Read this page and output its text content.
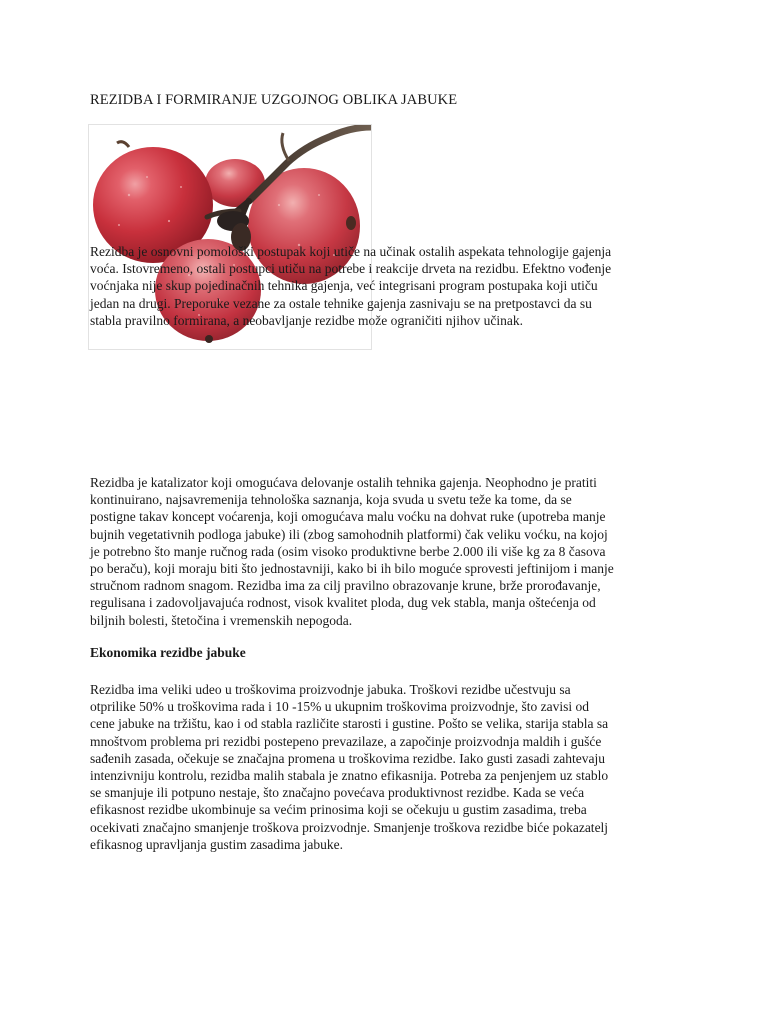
REZIDBA I FORMIRANJE UZGOJNOG OBLIKA JABUKE
Rezidba je osnovni pomološki postupak koji utiče na učinak ostalih aspekata tehnologije gajenja
voća. Istovremeno, ostali postupci utiču na potrebe i reakcije drveta na rezidbu. Efektno vođenje
voćnjaka nije skup pojedinačnih tehnika gajenja, već integrisani program postupaka koji utiču
jedan na drugi. Preporuke vezane za ostale tehnike gajenja zasnivaju se na pretpostavci da su
stabla pravilno formirana, a neobavljanje rezidbe može ograničiti njihov učinak.
Rezidba je katalizator koji omogućava delovanje ostalih tehnika gajenja. Neophodno je pratiti
kontinuirano, najsavremenija tehnološka saznanja, koja svuda u svetu teže ka tome, da se
postigne takav koncept voćarenja, koji omogućava malu voćku na dohvat ruke (upotreba manje
bujnih vegetativnih podloga jabuke) ili (zbog samohodnih platformi) čak veliku voćku, na kojoj
je potrebno što manje ručnog rada (osim visoko produktivne berbe 2.000 ili više kg za 8 časova
po beraču), koji moraju biti što jednostavniji, kako bi ih bilo moguće sprovesti jeftinijom i manje
stručnom radnom snagom. Rezidba ima za cilj pravilno obrazovanje krune, brže prorođavanje,
regulisana i zadovoljavajuća rodnost, visok kvalitet ploda, dug vek stabla, manja oštećenja od
biljnih bolesti, štetočina i vremenskih nepogoda.
Ekonomika rezidbe jabuke
Rezidba ima veliki udeo u troškovima proizvodnje jabuka. Troškovi rezidbe učestvuju sa
otprilike 50% u troškovima rada i 10 -15% u ukupnim troškovima proizvodnje, što zavisi od
cene jabuke na tržištu, kao i od stabla različite starosti i gustine. Pošto se velika, starija stabla sa
mnoštvom problema pri rezidbi postepeno prevazilaze, a započinje proizvodnja maldih i gušće
sađenih zasada, očekuje se značajna promena u troškovima rezidbe. Iako gusti zasadi zahtevaju
intenzivniju kontrolu, rezidba malih stabala je znatno efikasnija. Potreba za penjenjem uz stablo
se smanjuje ili potpuno nestaje, što značajno povećava produktivnost rezidbe. Kada se veća
efikasnost rezidbe ukombinuje sa većim prinosima koji se očekuju u gustim zasadima, treba
ocekivati značajno smanjenje troškova proizvodnje. Smanjenje troškova rezidbe biće pokazatelj
efikasnog upravljanja gustim zasadima jabuke.
